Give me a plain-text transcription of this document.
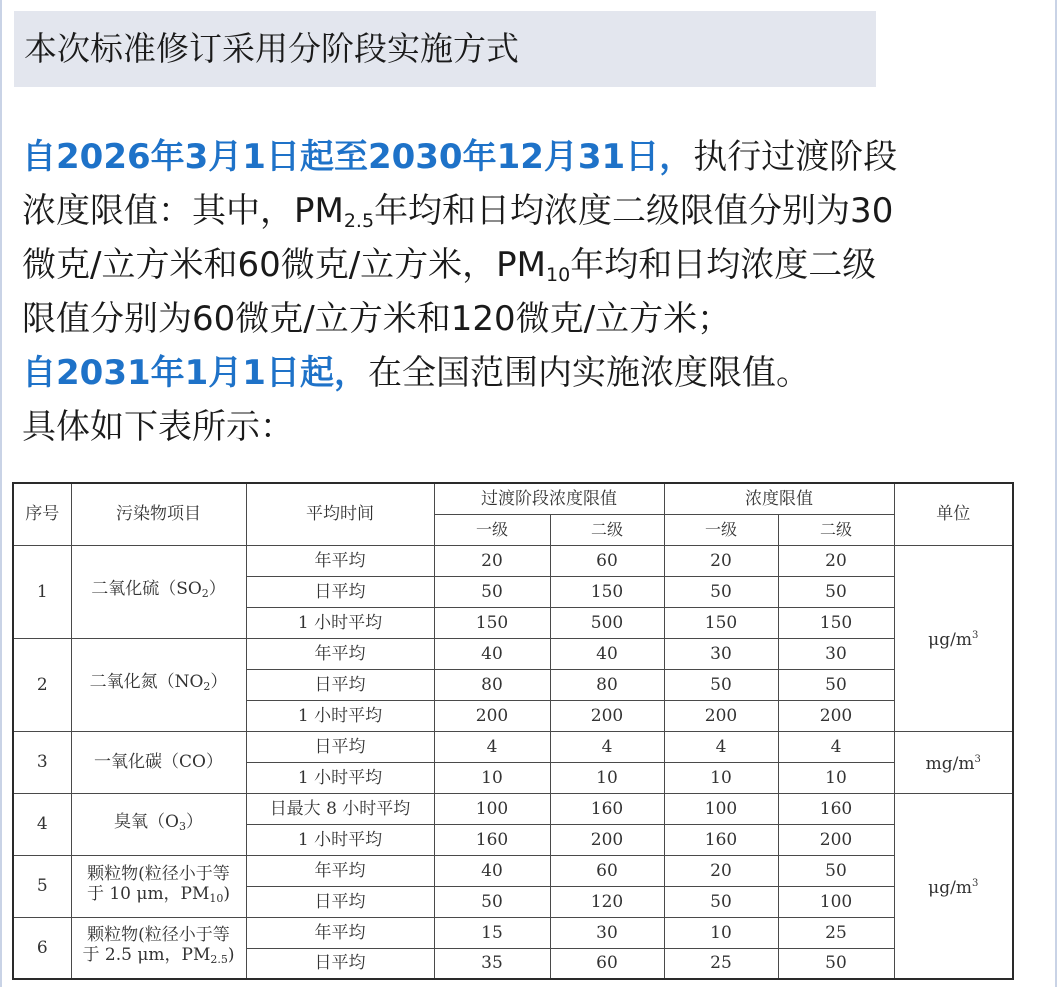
本次标准修订采用分阶段实施方式
自2026年3月1日起至2030年12月31日，执行过渡阶段
浓度限值：其中，$PM_{2.5}$年均和日均浓度二级限值分别为30
微克/立方米和60微克/立方米，$PM_{10}$年均和日均浓度二级
限值分别为60微克/立方米和120微克/立方米；
自2031年1月1日起，在全国范围内实施浓度限值。
具体如下表所示：
序号	污染物项目	平均时间	过渡阶段浓度限值		浓度限值		单位
			一级	二级	一级	二级	
1	二氧化硫（SO2）	年平均	20	60	20	20	$\mu g/m^3$
		日平均	50	150	50	50	
		1 小时平均	150	500	150	150	
2	二氧化氮（NO2）	年平均	40	40	30	30	
		日平均	80	80	50	50	
		1 小时平均	200	200	200	200	
3	一氧化碳（CO）	日平均	4	4	4	4	$mg/m^3$
		1 小时平均	10	10	10	10	
4	臭氧（O3）	日最大 8 小时平均	100	160	100	160	$\mu g/m^3$
		1 小时平均	160	200	160	200	
5	颗粒物(粒径小于等
于 10 μm，PM10)	年平均	40	60	20	50	
		日平均	50	120	50	100	
6	颗粒物(粒径小于等
于 2.5 μm，PM2.5)	年平均	15	30	10	25	
		日平均	35	60	25	50	
